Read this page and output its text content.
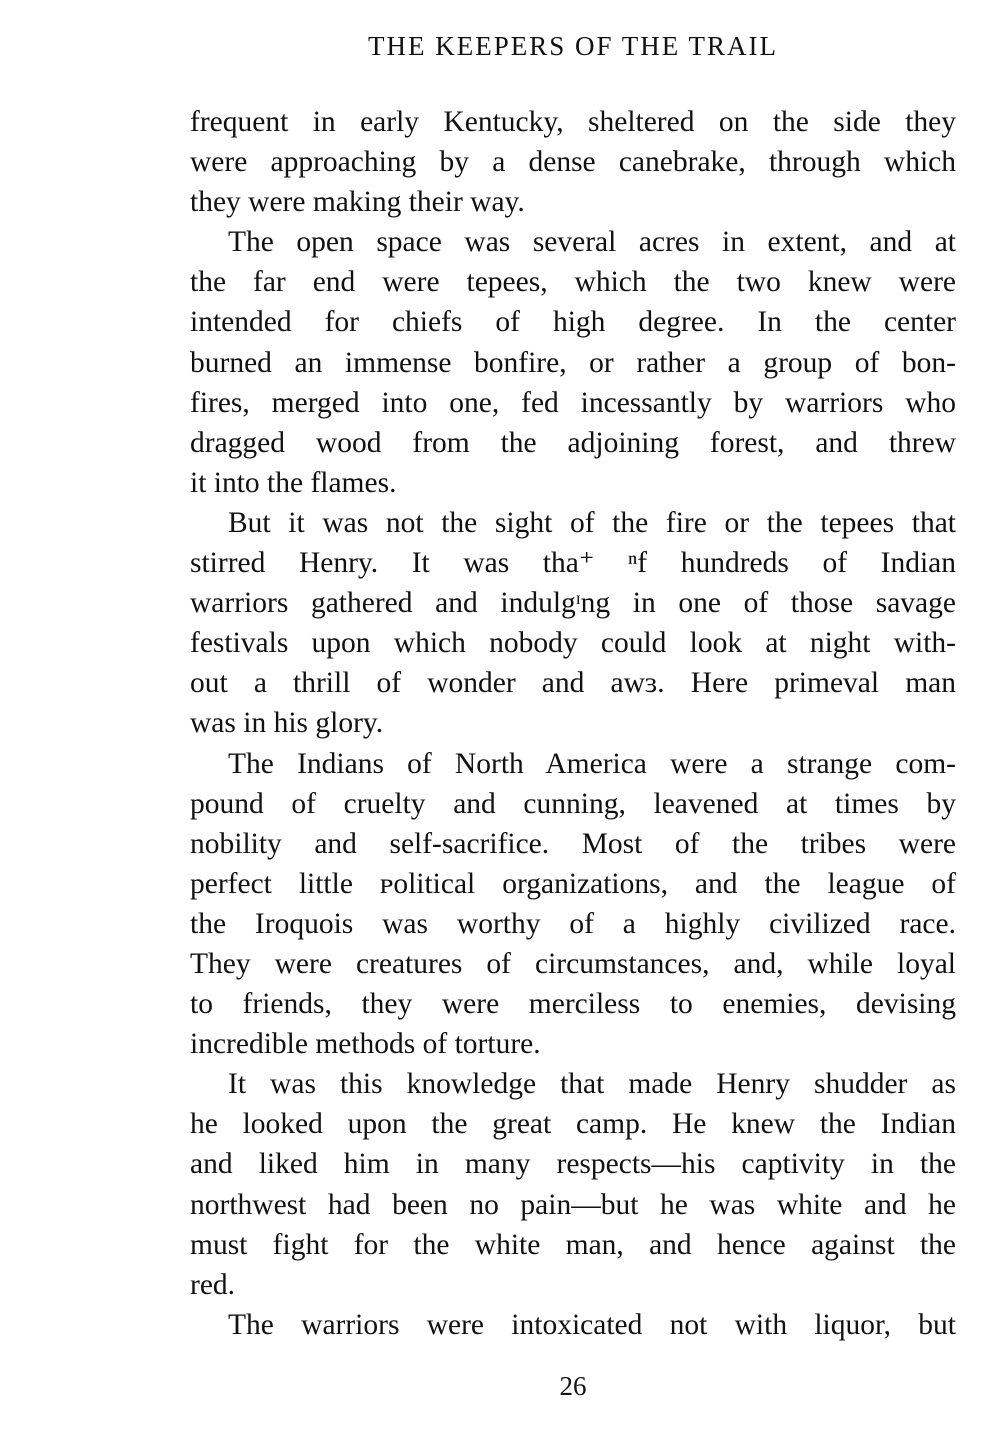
THE KEEPERS OF THE TRAIL
frequent in early Kentucky, sheltered on the side they
were approaching by a dense canebrake, through which
they were making their way.
The open space was several acres in extent, and at
the far end were tepees, which the two knew were
intended for chiefs of high degree. In the center
burned an immense bonfire, or rather a group of bon-
fires, merged into one, fed incessantly by warriors who
dragged wood from the adjoining forest, and threw
it into the flames.
But it was not the sight of the fire or the tepees that
stirred Henry. It was tha⁺ ⁿf hundreds of Indian
warriors gathered and indulgᶦng in one of those savage
festivals upon which nobody could look at night with-
out a thrill of wonder and awɜ. Here primeval man
was in his glory.
The Indians of North America were a strange com-
pound of cruelty and cunning, leavened at times by
nobility and self-sacrifice. Most of the tribes were
perfect little ᴘolitical organizations, and the league of
the Iroquois was worthy of a highly civilized race.
They were creatures of circumstances, and, while loyal
to friends, they were merciless to enemies, devising
incredible methods of torture.
It was this knowledge that made Henry shudder as
he looked upon the great camp. He knew the Indian
and liked him in many respects—his captivity in the
northwest had been no pain—but he was white and he
must fight for the white man, and hence against the
red.
The warriors were intoxicated not with liquor, but
26
